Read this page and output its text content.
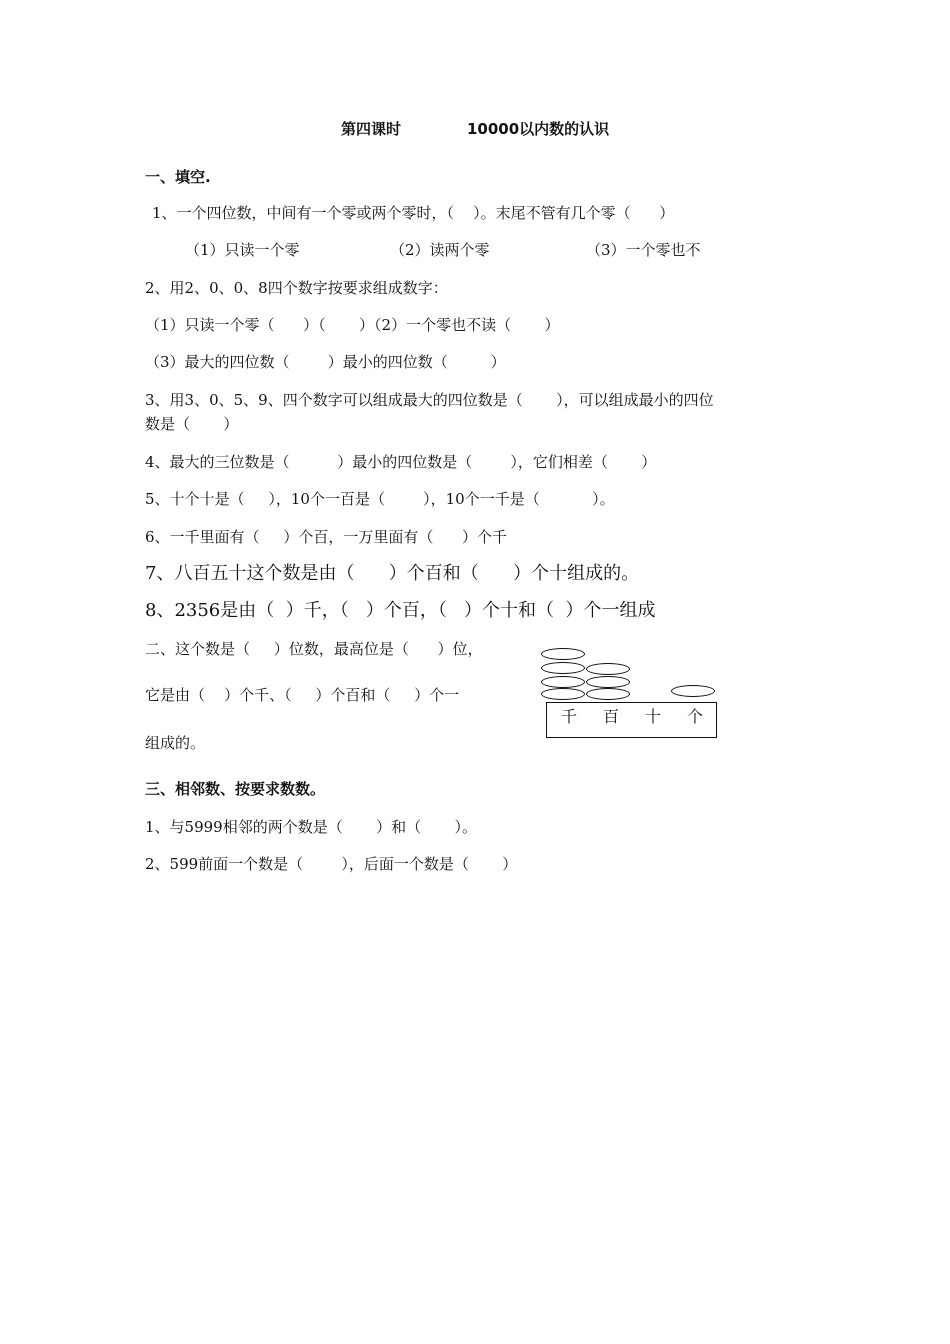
第四课时	10000以内数的认识
一、填空.
1、一个四位数，中间有一个零或两个零时，（    ）。末尾不管有几个零（      ）
（1）只读一个零	（2）读两个零	（3）一个零也不
2、用2、0、0、8四个数字按要求组成数字：
（1）只读一个零（      ）（       ）（2）一个零也不读（       ）
（3）最大的四位数（        ）最小的四位数（         ）
3、用3、0、5、9、四个数字可以组成最大的四位数是（       ），可以组成最小的四位
数是（       ）
4、最大的三位数是（          ）最小的四位数是（        ），它们相差（       ）
5、十个十是（     ），10个一百是（        ），10个一千是（           ）。
6、一千里面有（     ）个百，一万里面有（      ）个千
7、八百五十这个数是由（      ）个百和（      ）个十组成的。
8、2356是由（  ）千，（   ）个百，（   ）个十和（  ）个一组成
二、这个数是（     ）位数，最高位是（      ）位，
它是由（    ）个千、（     ）个百和（     ）个一
组成的。
千 百 十 个
三、相邻数、按要求数数。
1、与5999相邻的两个数是（       ）和（       ）。
2、599前面一个数是（        ），后面一个数是（       ）
